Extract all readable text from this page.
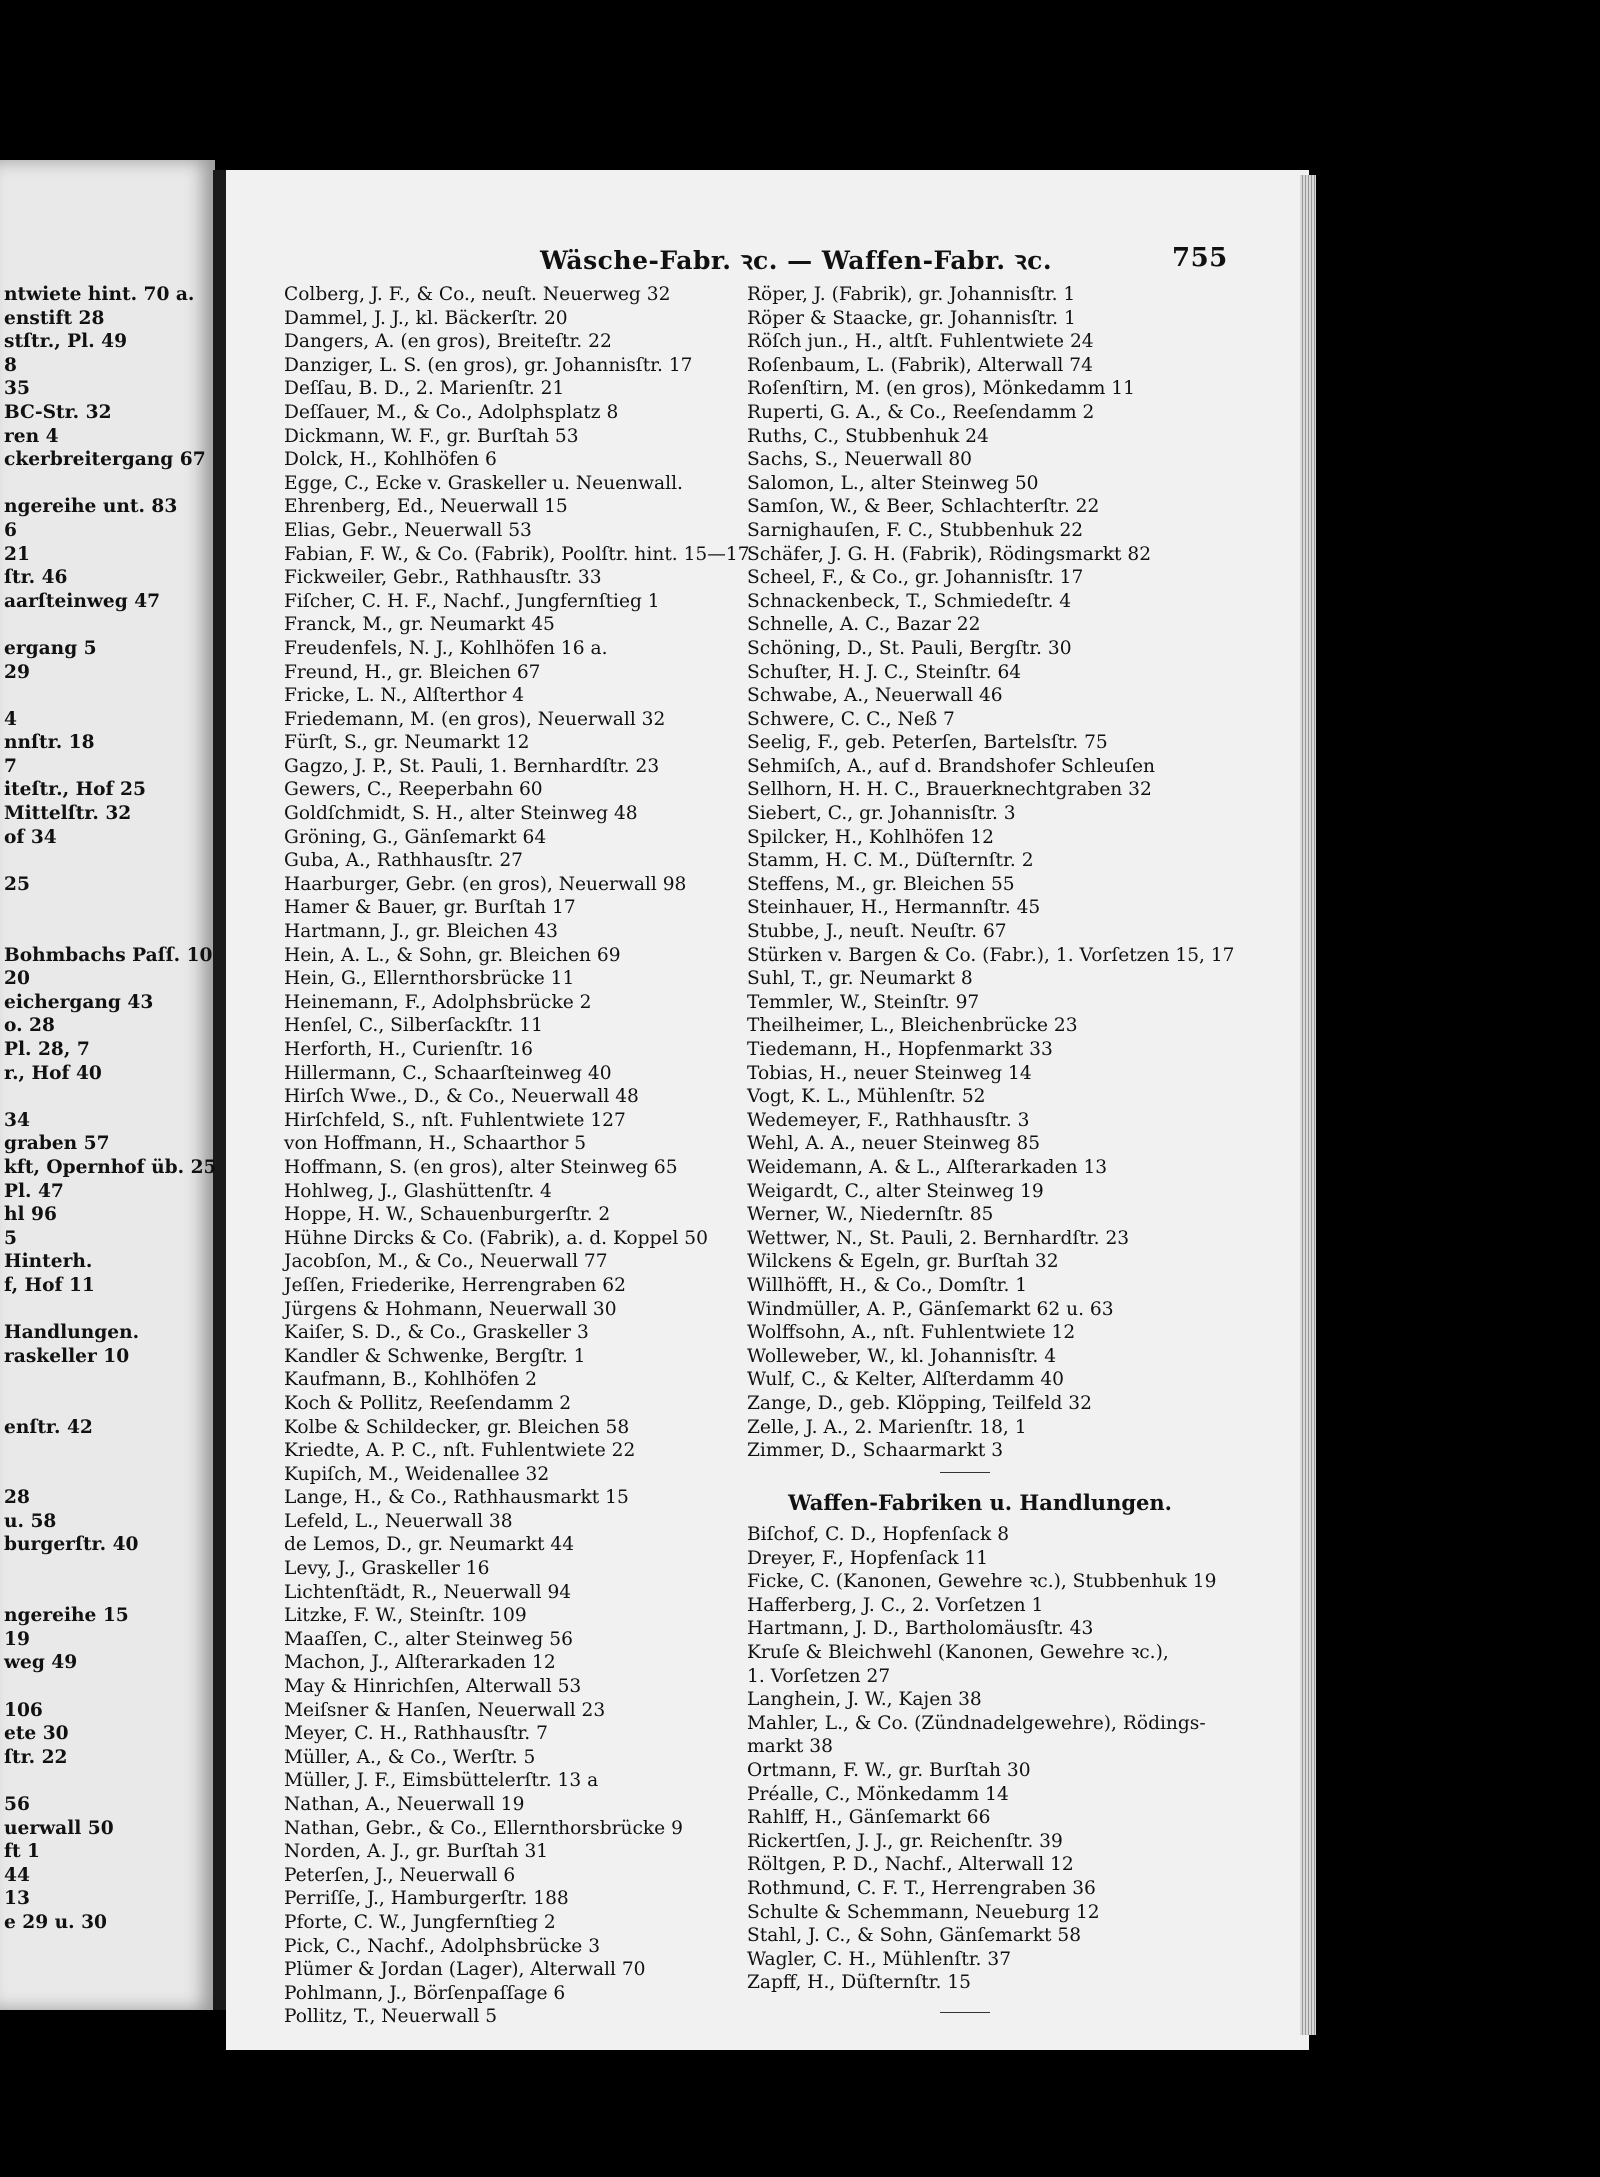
Wäsche-Fabr. ꝛc. — Waffen-Fabr. ꝛc.	755
ntwiete hint. 70 a.
enstift 28
stſtr., Pl. 49
8
35
BC-Str. 32
ren 4
ckerbreitergang 67
ngereihe unt. 83
6
21
ſtr. 46
aarſteinweg 47
ergang 5
29
4
nnſtr. 18
7
iteſtr., Hof 25
Mittelſtr. 32
of 34
25
Bohmbachs Paſſ. 10
20
eichergang 43
o. 28
Pl. 28, 7
r., Hof 40
34
graben 57
kft, Opernhof üb. 25
Pl. 47
hl 96
5
Hinterh.
f, Hof 11
Handlungen.
raskeller 10
enſtr. 42
28
u. 58
burgerſtr. 40
ngereihe 15
19
weg 49
106
ete 30
ſtr. 22
56
uerwall 50
ft 1
44
13
e 29 u. 30
Colberg, J. F., & Co., neuſt. Neuerweg 32
Dammel, J. J., kl. Bäckerſtr. 20
Dangers, A. (en gros), Breiteſtr. 22
Danziger, L. S. (en gros), gr. Johannisſtr. 17
Deſſau, B. D., 2. Marienſtr. 21
Deſſauer, M., & Co., Adolphsplatz 8
Dickmann, W. F., gr. Burſtah 53
Dolck, H., Kohlhöfen 6
Egge, C., Ecke v. Graskeller u. Neuenwall.
Ehrenberg, Ed., Neuerwall 15
Elias, Gebr., Neuerwall 53
Fabian, F. W., & Co. (Fabrik), Poolſtr. hint. 15—17
Fickweiler, Gebr., Rathhausſtr. 33
Fiſcher, C. H. F., Nachf., Jungfernſtieg 1
Franck, M., gr. Neumarkt 45
Freudenfels, N. J., Kohlhöfen 16 a.
Freund, H., gr. Bleichen 67
Fricke, L. N., Alſterthor 4
Friedemann, M. (en gros), Neuerwall 32
Fürſt, S., gr. Neumarkt 12
Gagzo, J. P., St. Pauli, 1. Bernhardſtr. 23
Gewers, C., Reeperbahn 60
Goldſchmidt, S. H., alter Steinweg 48
Gröning, G., Gänſemarkt 64
Guba, A., Rathhausſtr. 27
Haarburger, Gebr. (en gros), Neuerwall 98
Hamer & Bauer, gr. Burſtah 17
Hartmann, J., gr. Bleichen 43
Hein, A. L., & Sohn, gr. Bleichen 69
Hein, G., Ellernthorsbrücke 11
Heinemann, F., Adolphsbrücke 2
Henſel, C., Silberſackſtr. 11
Herforth, H., Curienſtr. 16
Hillermann, C., Schaarſteinweg 40
Hirſch Wwe., D., & Co., Neuerwall 48
Hirſchfeld, S., nſt. Fuhlentwiete 127
von Hoffmann, H., Schaarthor 5
Hoffmann, S. (en gros), alter Steinweg 65
Hohlweg, J., Glashüttenſtr. 4
Hoppe, H. W., Schauenburgerſtr. 2
Hühne Dircks & Co. (Fabrik), a. d. Koppel 50
Jacobſon, M., & Co., Neuerwall 77
Jeſſen, Friederike, Herrengraben 62
Jürgens & Hohmann, Neuerwall 30
Kaiſer, S. D., & Co., Graskeller 3
Kandler & Schwenke, Bergſtr. 1
Kaufmann, B., Kohlhöfen 2
Koch & Pollitz, Reeſendamm 2
Kolbe & Schildecker, gr. Bleichen 58
Kriedte, A. P. C., nſt. Fuhlentwiete 22
Kupiſch, M., Weidenallee 32
Lange, H., & Co., Rathhausmarkt 15
Lefeld, L., Neuerwall 38
de Lemos, D., gr. Neumarkt 44
Levy, J., Graskeller 16
Lichtenſtädt, R., Neuerwall 94
Litzke, F. W., Steinſtr. 109
Maaſſen, C., alter Steinweg 56
Machon, J., Alſterarkaden 12
May & Hinrichſen, Alterwall 53
Meiſsner & Hanſen, Neuerwall 23
Meyer, C. H., Rathhausſtr. 7
Müller, A., & Co., Werſtr. 5
Müller, J. F., Eimsbüttelerſtr. 13 a
Nathan, A., Neuerwall 19
Nathan, Gebr., & Co., Ellernthorsbrücke 9
Norden, A. J., gr. Burſtah 31
Peterſen, J., Neuerwall 6
Perriſſe, J., Hamburgerſtr. 188
Pforte, C. W., Jungfernſtieg 2
Pick, C., Nachf., Adolphsbrücke 3
Plümer & Jordan (Lager), Alterwall 70
Pohlmann, J., Börſenpaſſage 6
Pollitz, T., Neuerwall 5
Röper, J. (Fabrik), gr. Johannisſtr. 1
Röper & Staacke, gr. Johannisſtr. 1
Röſch jun., H., altſt. Fuhlentwiete 24
Roſenbaum, L. (Fabrik), Alterwall 74
Roſenſtirn, M. (en gros), Mönkedamm 11
Ruperti, G. A., & Co., Reeſendamm 2
Ruths, C., Stubbenhuk 24
Sachs, S., Neuerwall 80
Salomon, L., alter Steinweg 50
Samſon, W., & Beer, Schlachterſtr. 22
Sarnighauſen, F. C., Stubbenhuk 22
Schäfer, J. G. H. (Fabrik), Rödingsmarkt 82
Scheel, F., & Co., gr. Johannisſtr. 17
Schnackenbeck, T., Schmiedeſtr. 4
Schnelle, A. C., Bazar 22
Schöning, D., St. Pauli, Bergſtr. 30
Schuſter, H. J. C., Steinſtr. 64
Schwabe, A., Neuerwall 46
Schwere, C. C., Neß 7
Seelig, F., geb. Peterſen, Bartelsſtr. 75
Sehmiſch, A., auf d. Brandshofer Schleuſen
Sellhorn, H. H. C., Brauerknechtgraben 32
Siebert, C., gr. Johannisſtr. 3
Spilcker, H., Kohlhöfen 12
Stamm, H. C. M., Düſternſtr. 2
Steffens, M., gr. Bleichen 55
Steinhauer, H., Hermannſtr. 45
Stubbe, J., neuſt. Neuſtr. 67
Stürken v. Bargen & Co. (Fabr.), 1. Vorſetzen 15, 17
Suhl, T., gr. Neumarkt 8
Temmler, W., Steinſtr. 97
Theilheimer, L., Bleichenbrücke 23
Tiedemann, H., Hopfenmarkt 33
Tobias, H., neuer Steinweg 14
Vogt, K. L., Mühlenſtr. 52
Wedemeyer, F., Rathhausſtr. 3
Wehl, A. A., neuer Steinweg 85
Weidemann, A. & L., Alſterarkaden 13
Weigardt, C., alter Steinweg 19
Werner, W., Niedernſtr. 85
Wettwer, N., St. Pauli, 2. Bernhardſtr. 23
Wilckens & Egeln, gr. Burſtah 32
Willhöfft, H., & Co., Domſtr. 1
Windmüller, A. P., Gänſemarkt 62 u. 63
Wolffsohn, A., nſt. Fuhlentwiete 12
Wolleweber, W., kl. Johannisſtr. 4
Wulf, C., & Kelter, Alſterdamm 40
Zange, D., geb. Klöpping, Teilfeld 32
Zelle, J. A., 2. Marienſtr. 18, 1
Zimmer, D., Schaarmarkt 3
Waffen-Fabriken u. Handlungen.
Biſchof, C. D., Hopfenſack 8
Dreyer, F., Hopfenſack 11
Ficke, C. (Kanonen, Gewehre ꝛc.), Stubbenhuk 19
Hafferberg, J. C., 2. Vorſetzen 1
Hartmann, J. D., Bartholomäusſtr. 43
Kruſe & Bleichwehl (Kanonen, Gewehre ꝛc.),
1. Vorſetzen 27
Langhein, J. W., Kajen 38
Mahler, L., & Co. (Zündnadelgewehre), Rödings-
markt 38
Ortmann, F. W., gr. Burſtah 30
Préalle, C., Mönkedamm 14
Rahlff, H., Gänſemarkt 66
Rickertſen, J. J., gr. Reichenſtr. 39
Röltgen, P. D., Nachf., Alterwall 12
Rothmund, C. F. T., Herrengraben 36
Schulte & Schemmann, Neueburg 12
Stahl, J. C., & Sohn, Gänſemarkt 58
Wagler, C. H., Mühlenſtr. 37
Zapff, H., Düſternſtr. 15
